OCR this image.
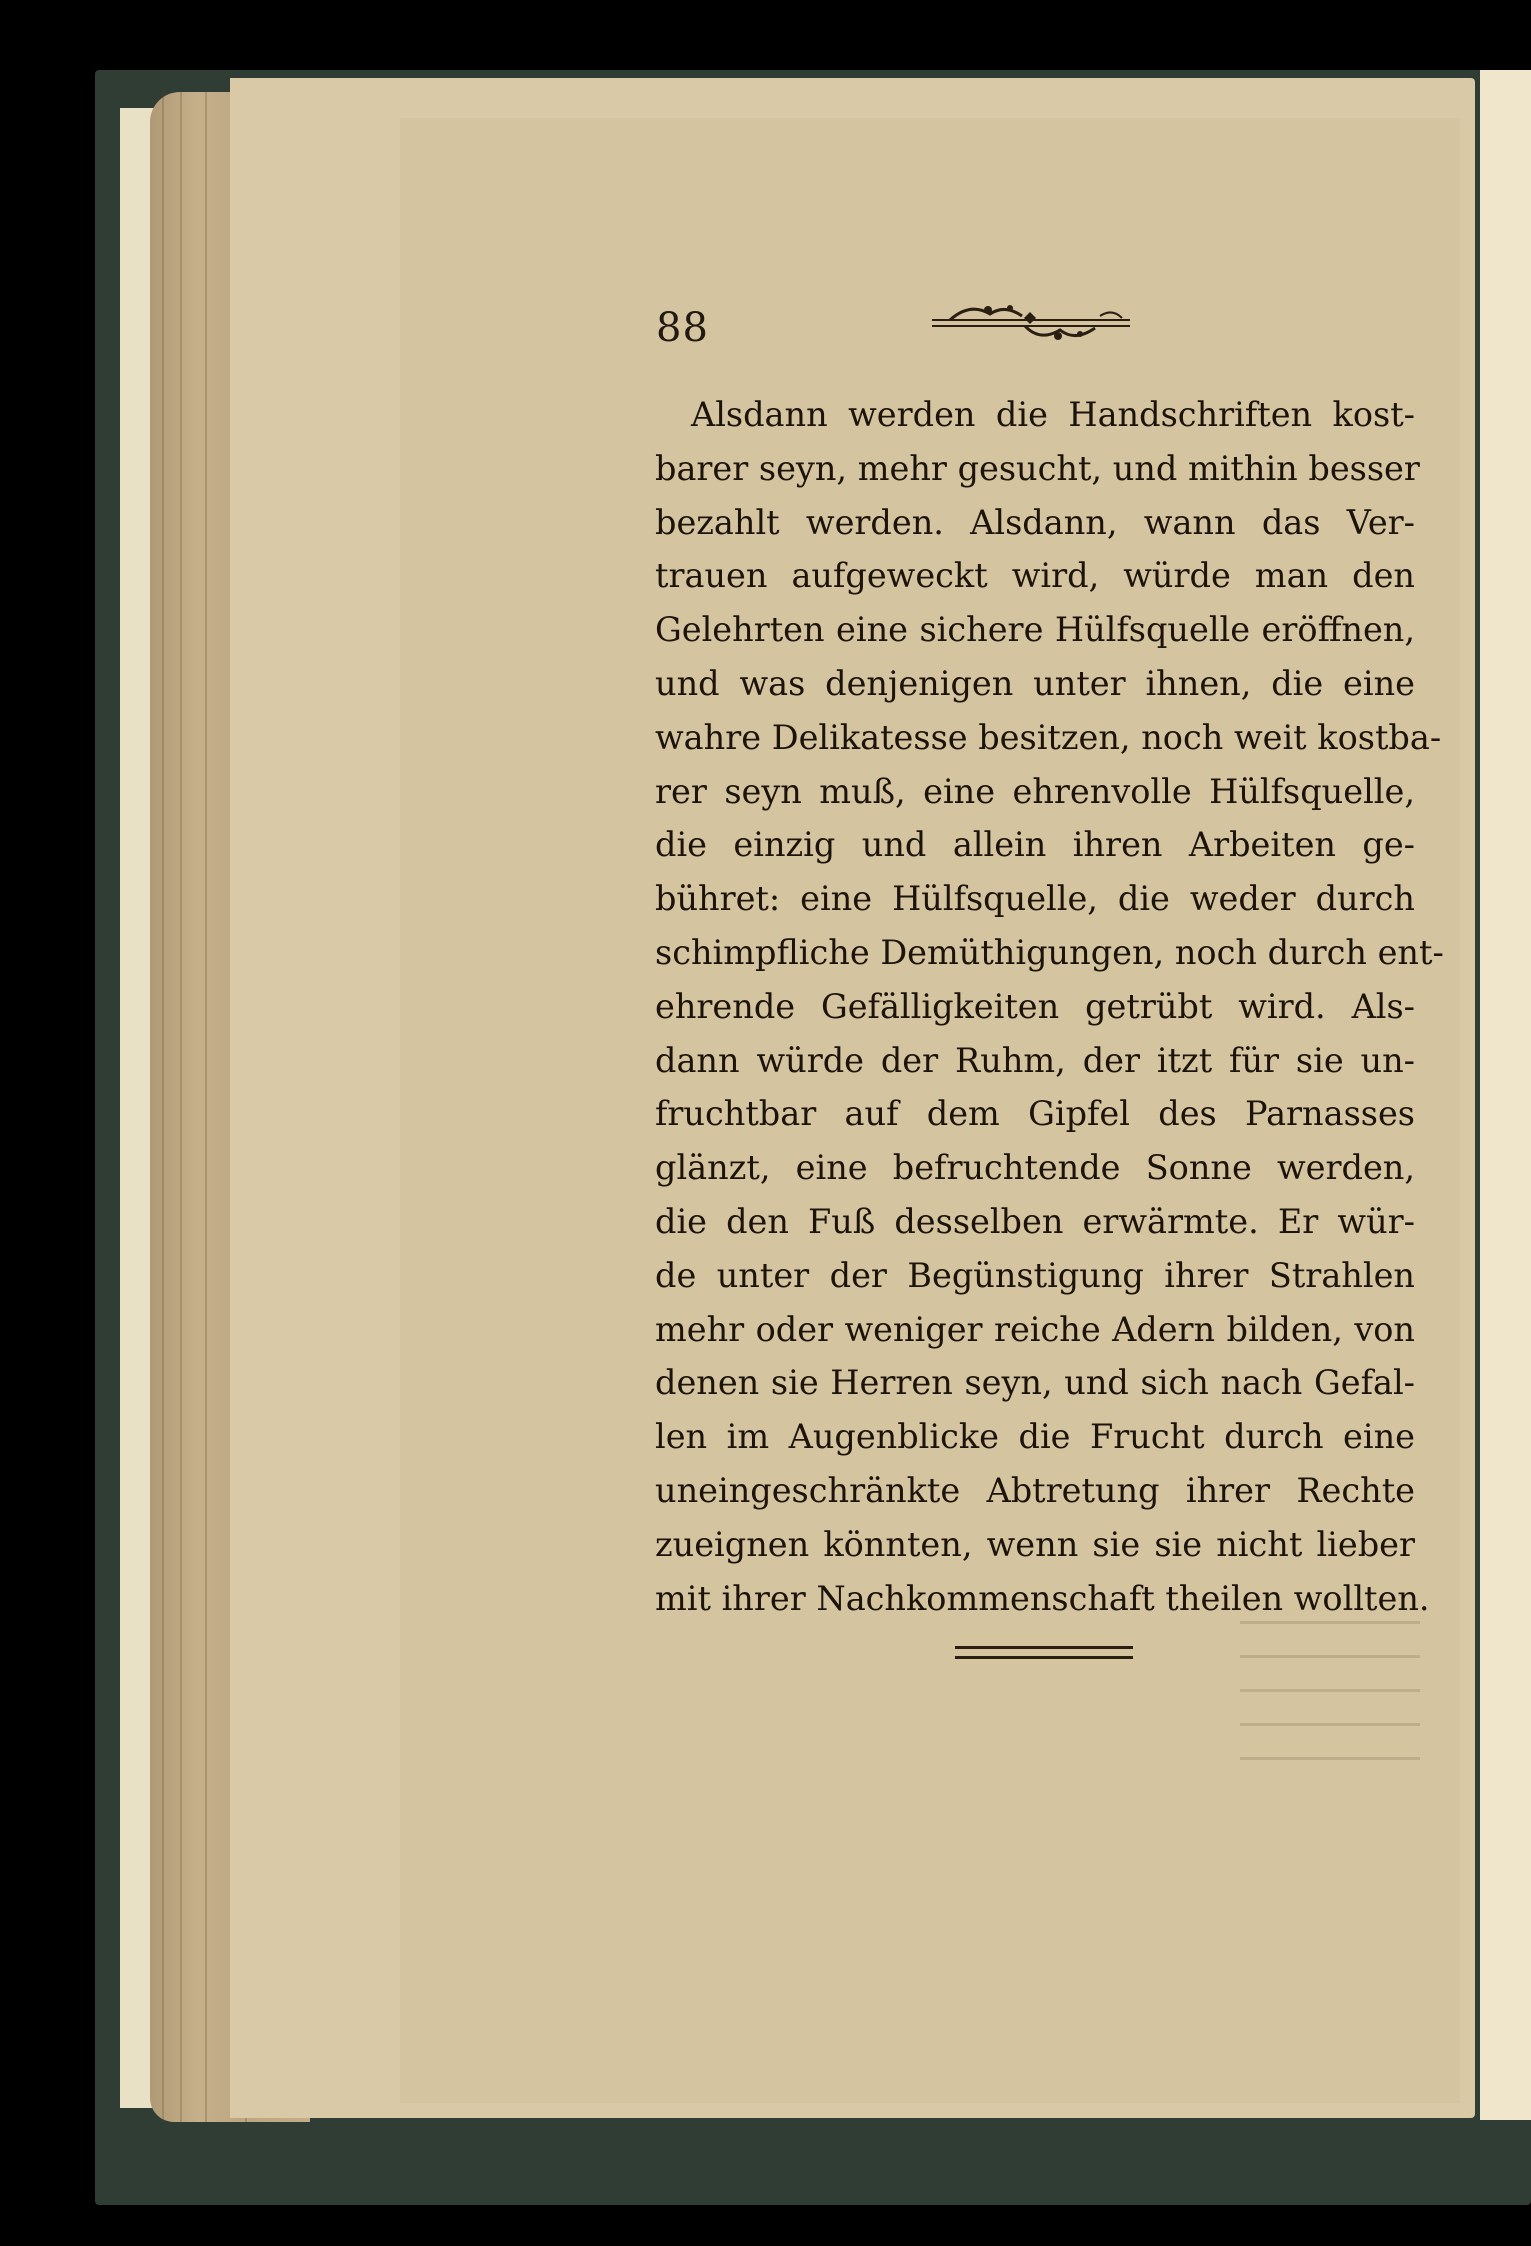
88
Alsdann werden die Handschriften kost-
barer seyn, mehr gesucht, und mithin besser
bezahlt werden. Alsdann, wann das Ver-
trauen aufgeweckt wird, würde man den
Gelehrten eine sichere Hülfsquelle eröffnen,
und was denjenigen unter ihnen, die eine
wahre Delikatesse besitzen, noch weit kostba-
rer seyn muß, eine ehrenvolle Hülfsquelle,
die einzig und allein ihren Arbeiten ge-
bühret: eine Hülfsquelle, die weder durch
schimpfliche Demüthigungen, noch durch ent-
ehrende Gefälligkeiten getrübt wird. Als-
dann würde der Ruhm, der itzt für sie un-
fruchtbar auf dem Gipfel des Parnasses
glänzt, eine befruchtende Sonne werden,
die den Fuß desselben erwärmte. Er wür-
de unter der Begünstigung ihrer Strahlen
mehr oder weniger reiche Adern bilden, von
denen sie Herren seyn, und sich nach Gefal-
len im Augenblicke die Frucht durch eine
uneingeschränkte Abtretung ihrer Rechte
zueignen könnten, wenn sie sie nicht lieber
mit ihrer Nachkommenschaft theilen wollten.
